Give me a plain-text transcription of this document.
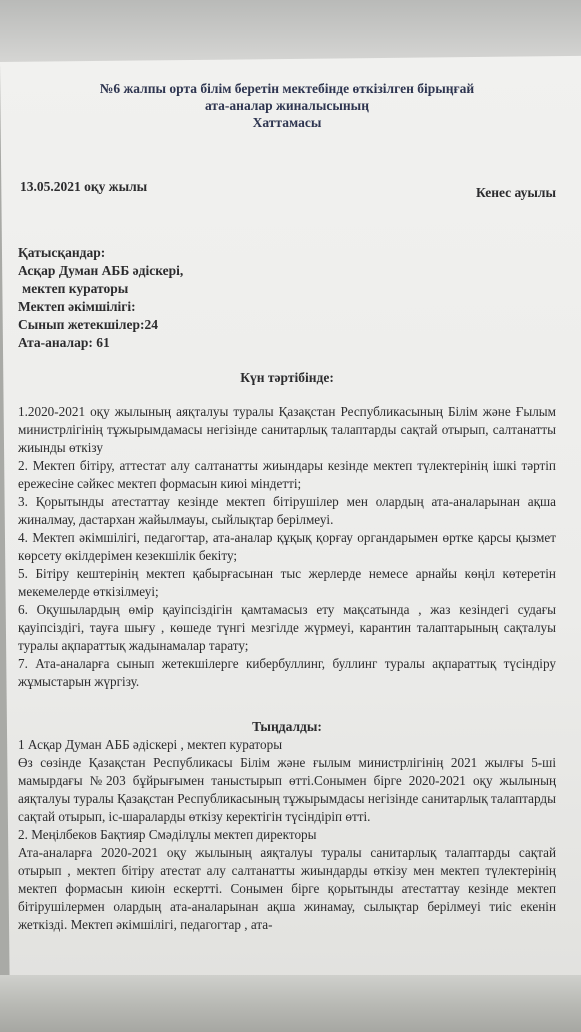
№6 жалпы орта білім беретін мектебінде өткізілген бірыңғай
ата-аналар жиналысының
Хаттамасы
13.05.2021 оқу жылы	Кенес ауылы
Қатысқандар:
Асқар Думан АББ әдіскері,
мектеп кураторы
Мектеп әкімшілігі:
Сынып жетекшілер:24
Ата-аналар: 61
Күн тәртібінде:
1.2020-2021 оқу жылының аяқталуы туралы Қазақстан Республикасының Білім және Ғылым министрлігінің тұжырымдамасы негізінде санитарлық талаптарды сақтай отырып, салтанатты жиынды өткізу
2. Мектеп бітіру, аттестат алу салтанатты жиындары кезінде мектеп түлектерінің ішкі тәртіп ережесіне сәйкес мектеп формасын киюі міндетті;
3. Қорытынды атестаттау кезінде мектеп бітірушілер мен олардың ата-аналарынан ақша жиналмау, дастархан жайылмауы, сыйлықтар берілмеуі.
4. Мектеп әкімшілігі, педагогтар, ата-аналар құқық қорғау органдарымен өртке қарсы қызмет көрсету өкілдерімен кезекшілік бекіту;
5. Бітіру кештерінің мектеп қабырғасынан тыс жерлерде немесе арнайы көңіл көтеретін мекемелерде өткізілмеуі;
6. Оқушылардың өмір қауіпсіздігін қамтамасыз ету мақсатында , жаз кезіндегі судағы қауіпсіздігі, тауға шығу , көшеде түнгі мезгілде жүрмеуі, карантин талаптарының сақталуы туралы ақпараттық жадынамалар тарату;
7. Ата-аналарға сынып жетекшілерге кибербуллинг, буллинг туралы ақпараттық түсіндіру жұмыстарын жүргізу.
Тыңдалды:

1 Асқар Думан АББ әдіскері , мектеп кураторы

Өз сөзінде Қазақстан Республикасы Білім және ғылым министрлігінің 2021 жылғы 5-ші мамырдағы №203 бұйрығымен таныстырып өтті.Сонымен бірге 2020-2021 оқу жылының аяқталуы туралы Қазақстан Республикасының тұжырымдасы негізінде санитарлық талаптарды сақтай отырып, іс-шараларды өткізу керектігін түсіндіріп өтті.

2. Меңілбеков Бақтияр Смәділұлы мектеп директоры

Ата-аналарға 2020-2021 оқу жылының аяқталуы туралы санитарлық талаптарды сақтай отырып , мектеп бітіру атестат алу салтанатты жиындарды өткізу мен мектеп түлектерінің мектеп формасын киюін ескертті. Сонымен бірге қорытынды атестаттау кезінде мектеп бітірушілермен олардың ата-аналарынан ақша жинамау, сылықтар берілмеуі тиіс екенін жеткізді. Мектеп әкімшілігі, педагогтар , ата-
